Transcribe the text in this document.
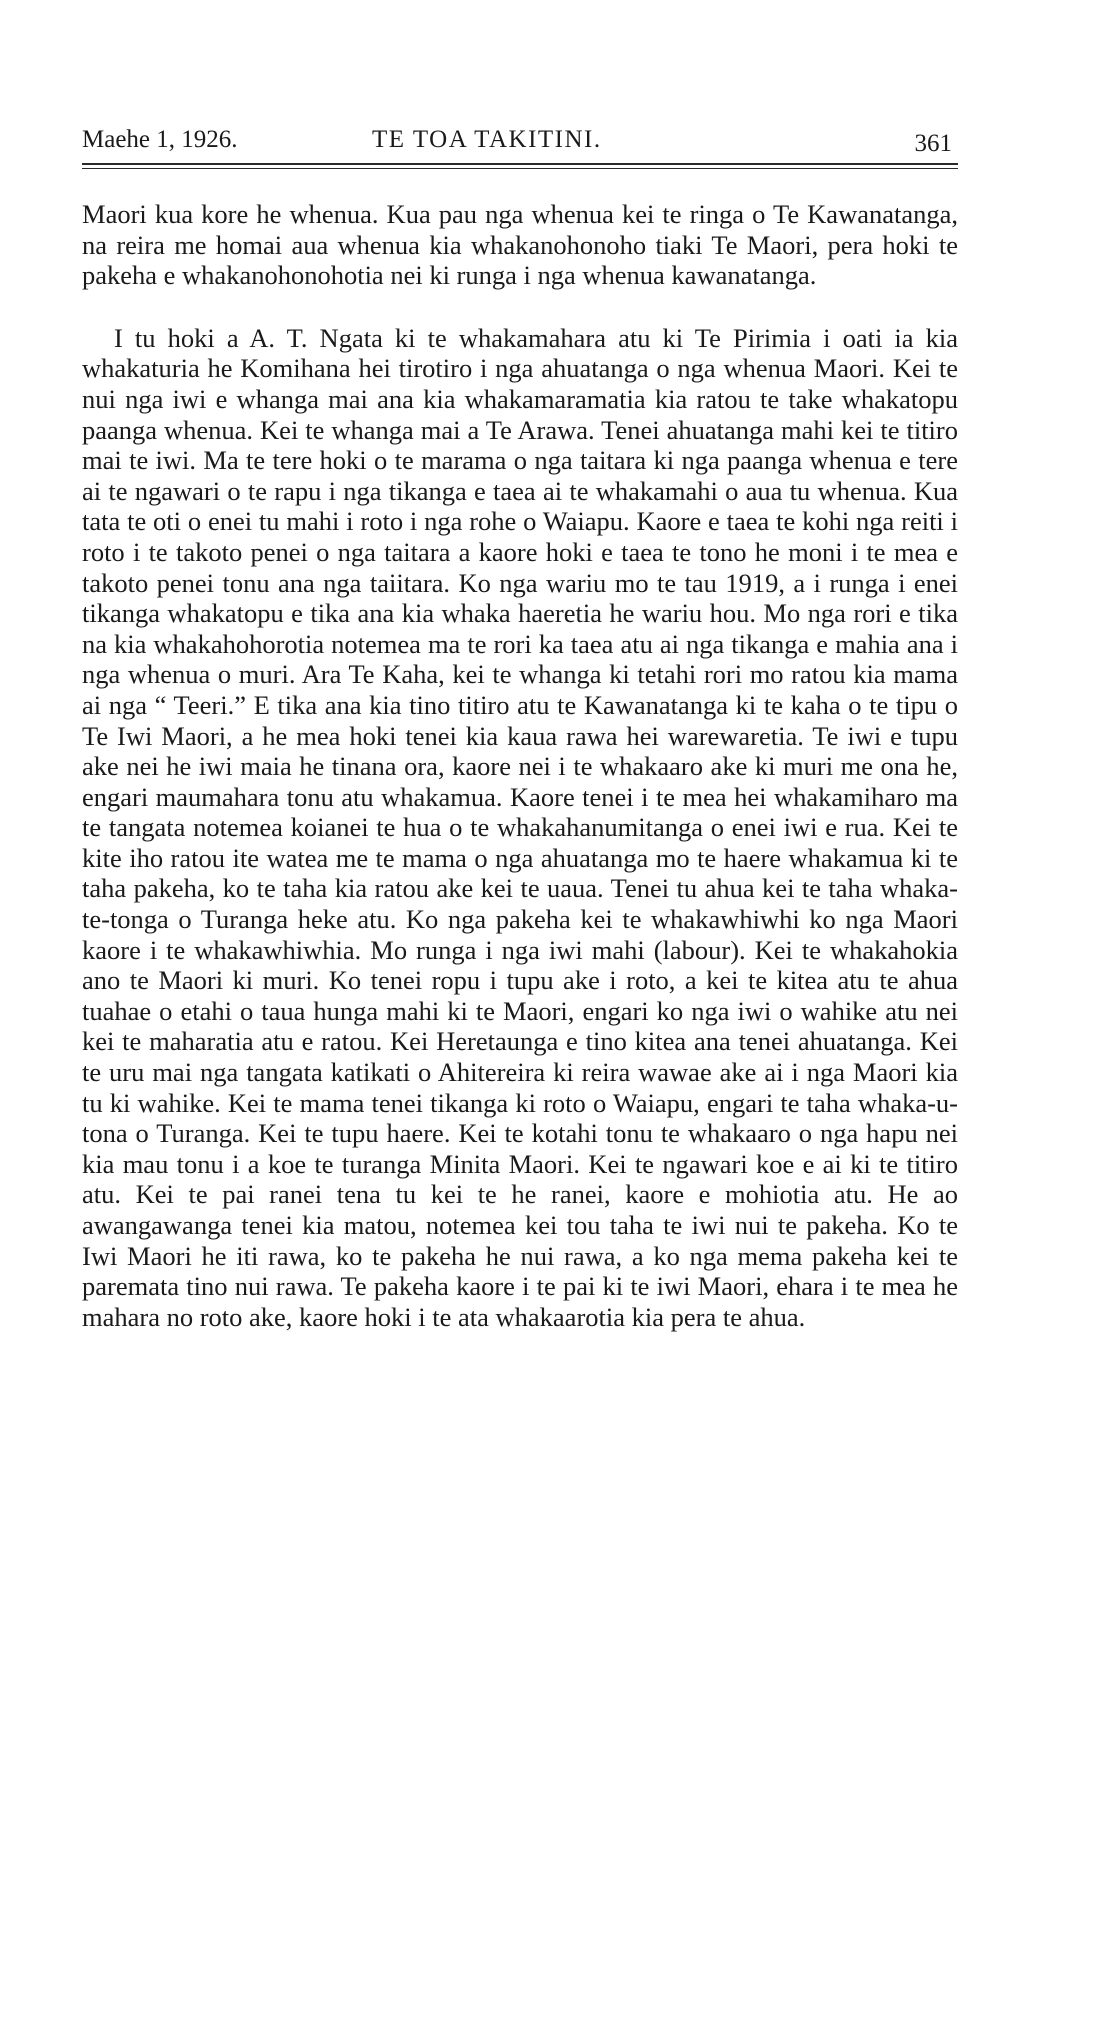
Maehe 1, 1926.	TE TOA TAKITINI.	361

Maori kua kore he whenua. Kua pau nga whenua kei te ringa o Te Kawanatanga, na reira me homai aua whenua kia whakanohonoho tiaki Te Maori, pera hoki te pakeha e whakanohonohotia nei ki runga i nga whenua kawanatanga.

I tu hoki a A. T. Ngata ki te whakamahara atu ki Te Pirimia i oati ia kia whakaturia he Komihana hei tirotiro i nga ahuatanga o nga whenua Maori. Kei te nui nga iwi e whanga mai ana kia whakamaramatia kia ratou te take whakatopu paanga whenua. Kei te whanga mai a Te Arawa. Tenei ahuatanga mahi kei te titiro mai te iwi. Ma te tere hoki o te marama o nga taitara ki nga paanga whenua e tere ai te ngawari o te rapu i nga tikanga e taea ai te whakamahi o aua tu whenua. Kua tata te oti o enei tu mahi i roto i nga rohe o Waiapu. Kaore e taea te kohi nga reiti i roto i te takoto penei o nga taitara a kaore hoki e taea te tono he moni i te mea e takoto penei tonu ana nga taiitara. Ko nga wariu mo te tau 1919, a i runga i enei tikanga whakatopu e tika ana kia whaka haeretia he wariu hou. Mo nga rori e tika na kia whakahohorotia notemea ma te rori ka taea atu ai nga tikanga e mahia ana i nga whenua o muri. Ara Te Kaha, kei te whanga ki tetahi rori mo ratou kia mama ai nga “ Teeri.” E tika ana kia tino titiro atu te Kawanatanga ki te kaha o te tipu o Te Iwi Maori, a he mea hoki tenei kia kaua rawa hei warewaretia. Te iwi e tupu ake nei he iwi maia he tinana ora, kaore nei i te whakaaro ake ki muri me ona he, engari maumahara tonu atu whakamua. Kaore tenei i te mea hei whakamiharo ma te tangata notemea koianei te hua o te whakahanumitanga o enei iwi e rua. Kei te kite iho ratou ite watea me te mama o nga ahuatanga mo te haere whakamua ki te taha pakeha, ko te taha kia ratou ake kei te uaua. Tenei tu ahua kei te taha whaka-te-tonga o Turanga heke atu. Ko nga pakeha kei te whakawhiwhi ko nga Maori kaore i te whakawhiwhia. Mo runga i nga iwi mahi (labour). Kei te whakahokia ano te Maori ki muri. Ko tenei ropu i tupu ake i roto, a kei te kitea atu te ahua tuahae o etahi o taua hunga mahi ki te Maori, engari ko nga iwi o wahike atu nei kei te maharatia atu e ratou. Kei Heretaunga e tino kitea ana tenei ahuatanga. Kei te uru mai nga tangata katikati o Ahitereira ki reira wawae ake ai i nga Maori kia tu ki wahike. Kei te mama tenei tikanga ki roto o Waiapu, engari te taha whaka-u-tona o Turanga. Kei te tupu haere. Kei te kotahi tonu te whakaaro o nga hapu nei kia mau tonu i a koe te turanga Minita Maori. Kei te ngawari koe e ai ki te titiro atu. Kei te pai ranei tena tu kei te he ranei, kaore e mohiotia atu. He ao awangawanga tenei kia matou, notemea kei tou taha te iwi nui te pakeha. Ko te Iwi Maori he iti rawa, ko te pakeha he nui rawa, a ko nga mema pakeha kei te paremata tino nui rawa. Te pakeha kaore i te pai ki te iwi Maori, ehara i te mea he mahara no roto ake, kaore hoki i te ata whakaarotia kia pera te ahua.
